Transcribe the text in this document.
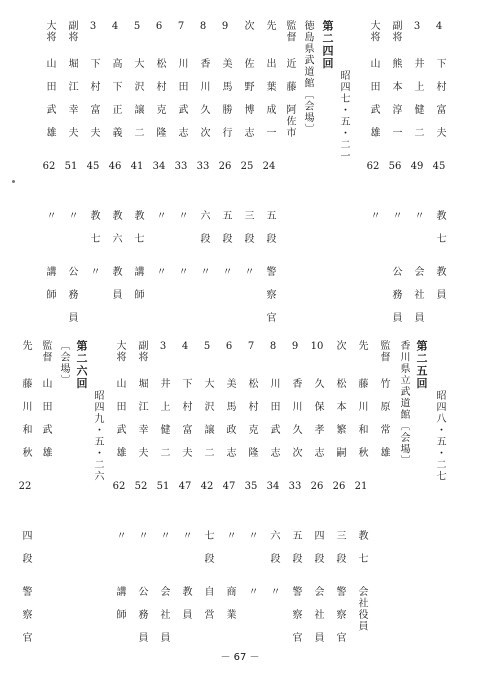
4
下　村　富　夫
45
教　七
教　員
3
井　上　健　二
49
〃
会　社　員
副将
熊　本　淳　一
56
〃
公　務　員
大将
山　田　武　雄
62
〃
昭四七・五・二一
第二四回
〔会場〕徳島県武道館
監督
近　藤　阿佐市
先
出　葉　成　一
24
五　段
警　察　官
次
佐　野　博　志
25
三　段
〃
9
美　馬　勝　行
26
五　段
〃
8
香　川　久　次
33
六　段
〃
7
川　田　武　志
33
〃
〃
6
松　村　克　隆
34
〃
〃
5
大　沢　譲　二
41
教　七
講　師
4
高　下　正　義
46
教　六
教　員
3
下　村　富　夫
45
教　七
〃
副将
堀　江　幸　夫
51
〃
公　務　員
大将
山　田　武　雄
62
〃
講　師
昭四八・五・二七
第二五回
〔会場〕香川県立武道館
監督
竹　原　常　雄
先
藤　川　和　秋
21
教　七
会社役員
次
松　本　繁　嗣
26
三　段
警　察　官
10
久　保　孝　志
26
四　段
会　社　員
9
香　川　久　次
33
五　段
警　察　官
8
川　田　武　志
34
六　段
〃
7
松　村　克　隆
35
〃
〃
6
美　馬　政　志
47
〃
商　業
5
大　沢　譲　二
42
七　段
自　営
4
下　村　富　夫
47
〃
教　員
3
井　上　健　二
51
〃
会　社　員
副将
堀　江　幸　夫
52
〃
公　務　員
大将
山　田　武　雄
62
〃
講　師
昭四九・五・二六
第二六回
〔会場〕
監督
山　田　武　雄
先
藤　川　和　秋
22
四　段
警　察　官
－ 67 －
